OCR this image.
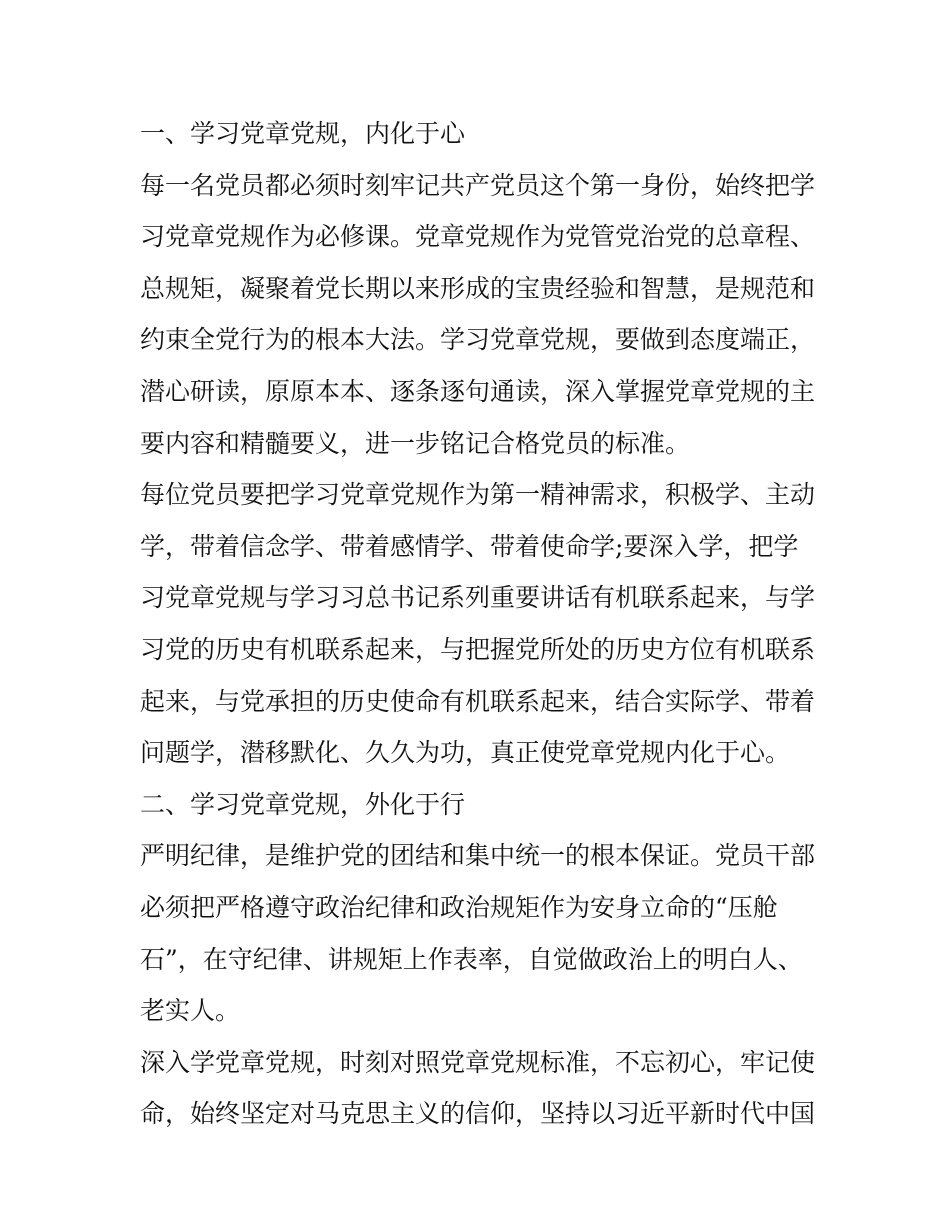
一、学习党章党规，内化于心
每一名党员都必须时刻牢记共产党员这个第一身份，始终把学
习党章党规作为必修课。党章党规作为党管党治党的总章程、
总规矩，凝聚着党长期以来形成的宝贵经验和智慧，是规范和
约束全党行为的根本大法。学习党章党规，要做到态度端正，
潜心研读，原原本本、逐条逐句通读，深入掌握党章党规的主
要内容和精髓要义，进一步铭记合格党员的标准。
每位党员要把学习党章党规作为第一精神需求，积极学、主动
学，带着信念学、带着感情学、带着使命学;要深入学，把学
习党章党规与学习习总书记系列重要讲话有机联系起来，与学
习党的历史有机联系起来，与把握党所处的历史方位有机联系
起来，与党承担的历史使命有机联系起来，结合实际学、带着
问题学，潜移默化、久久为功，真正使党章党规内化于心。
二、学习党章党规，外化于行
严明纪律，是维护党的团结和集中统一的根本保证。党员干部
必须把严格遵守政治纪律和政治规矩作为安身立命的“压舱
石”，在守纪律、讲规矩上作表率，自觉做政治上的明白人、
老实人。
深入学党章党规，时刻对照党章党规标准，不忘初心，牢记使
命，始终坚定对马克思主义的信仰，坚持以习近平新时代中国
